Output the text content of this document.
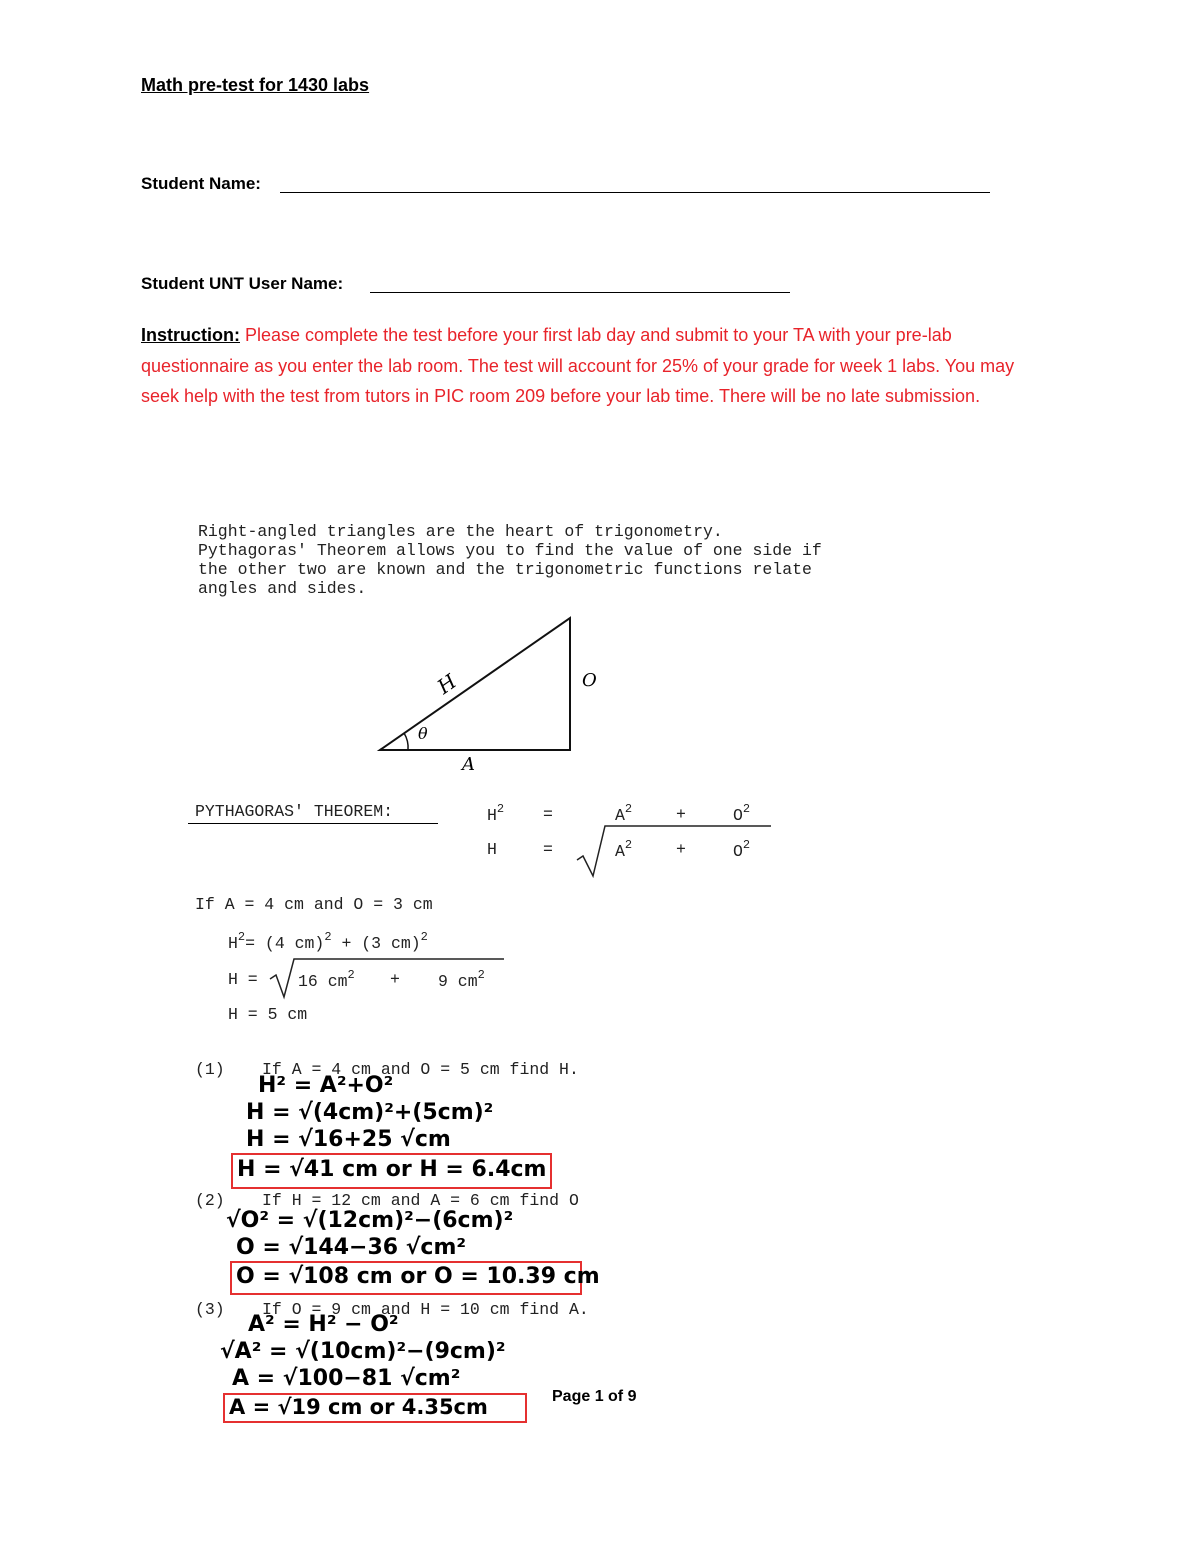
Math pre-test for 1430 labs
Student Name:
Student UNT User Name:
Instruction: Please complete the test before your first lab day and submit to your TA with your pre-lab questionnaire as you enter the lab room. The test will account for 25% of your grade for week 1 labs. You may seek help with the test from tutors in PIC room 209 before your lab time. There will be no late submission.
Right-angled triangles are the heart of trigonometry.
Pythagoras' Theorem allows you to find the value of one side if
the other two are known and the trigonometric functions relate
angles and sides.
H	O
A
θ
PYTHAGORAS' THEOREM:	$H^2$ =	$A^2$	+	$O^2$
H	=	$A^2$	+	$O^2$
If A = 4 cm and O = 3 cm
$H^2= (4$ cm)$^2$ + (3 cm)$^2$
H = 16 $cm^2 + 9$ $cm^2$
H = 5 cm
(1) If A = 4 cm and O = 5 cm find H.
H² = A²+O²
H = √(4cm)²+(5cm)²
H = √16+25 √cm
H = √41 cm or H = 6.4cm
(2) If H = 12 cm and A = 6 cm find O
√O² = √(12cm)²−(6cm)²
O = √144−36 √cm²
O = √108 cm or O = 10.39 cm
(3) If O = 9 cm and H = 10 cm find A.
A² = H² − O²
√A² = √(10cm)²−(9cm)²
A = √100−81 √cm²
A = √19 cm or 4.35cm	Page 1 of 9
